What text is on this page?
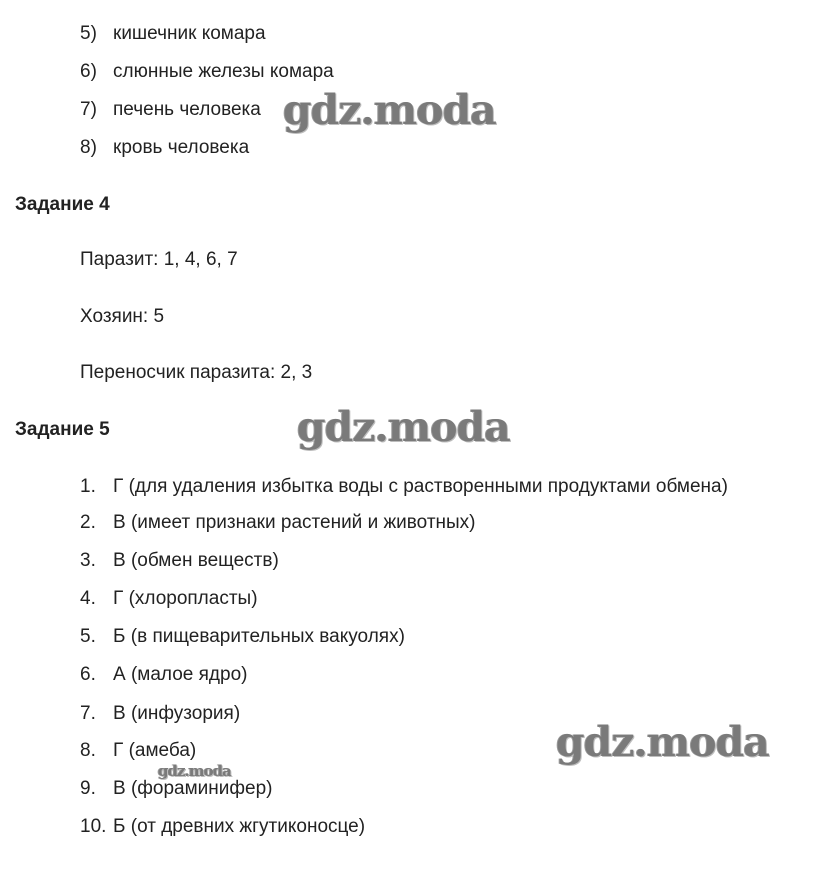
5) кишечник комара
6) слюнные железы комара
7) печень человека
8) кровь человека
Задание 4
Паразит: 1, 4, 6, 7
Хозяин: 5
Переносчик паразита: 2, 3
Задание 5
1. Г (для удаления избытка воды с растворенными продуктами обмена)
2. В (имеет признаки растений и животных)
3. В (обмен веществ)
4. Г (хлоропласты)
5. Б (в пищеварительных вакуолях)
6. А (малое ядро)
7. В (инфузория)
8. Г (амеба)
9. В (фораминифер)
10. Б (от древних жгутиконосце)
gdz.moda
gdz.moda
gdz.moda
gdz.moda
